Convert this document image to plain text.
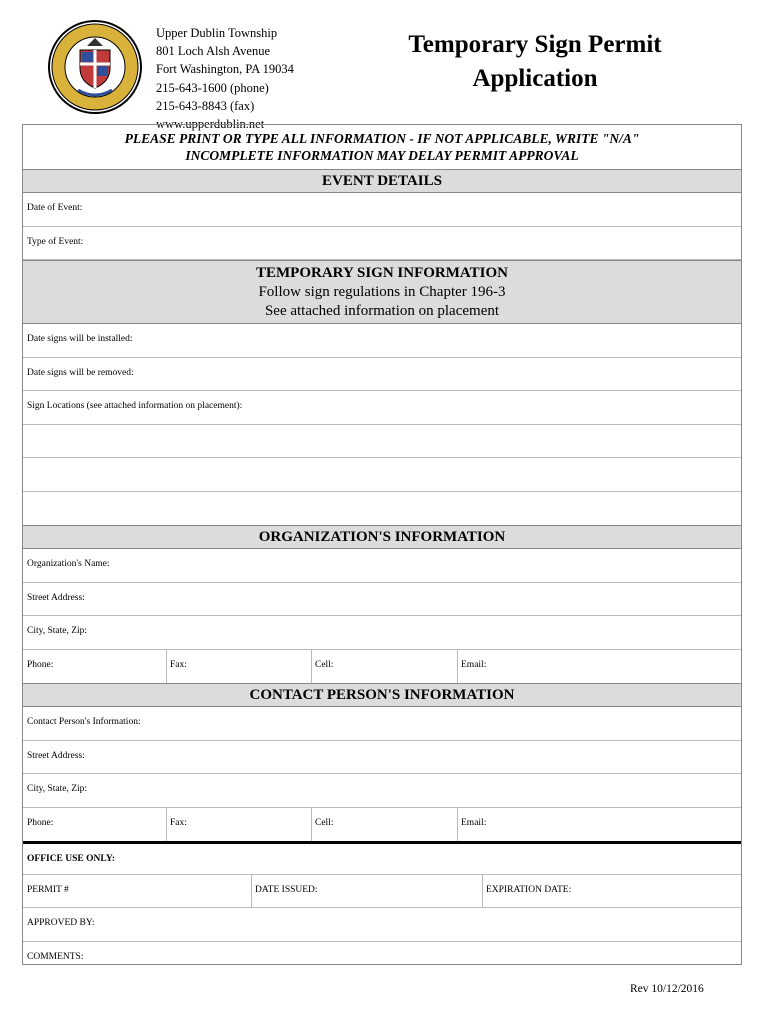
Upper Dublin Township
801 Loch Alsh Avenue
Fort Washington, PA 19034
215-643-1600 (phone)
215-643-8843 (fax)
www.upperdublin.net
Temporary Sign Permit
Application
PLEASE PRINT OR TYPE ALL INFORMATION - IF NOT APPLICABLE, WRITE "N/A"
INCOMPLETE INFORMATION MAY DELAY PERMIT APPROVAL
EVENT DETAILS
Date of Event:
Type of Event:
TEMPORARY SIGN INFORMATION
Follow sign regulations in Chapter 196-3
See attached information on placement
Date signs will be installed:
Date signs will be removed:
Sign Locations (see attached information on placement):
ORGANIZATION'S INFORMATION
Organization's Name:
Street Address:
City, State, Zip:
Phone:	Fax:	Cell:	Email:
CONTACT PERSON'S INFORMATION
Contact Person's Information:
Street Address:
City, State, Zip:
Phone:	Fax:	Cell:	Email:
OFFICE USE ONLY:
PERMIT #	DATE ISSUED:	EXPIRATION DATE:
APPROVED BY:
COMMENTS:
Rev 10/12/2016
